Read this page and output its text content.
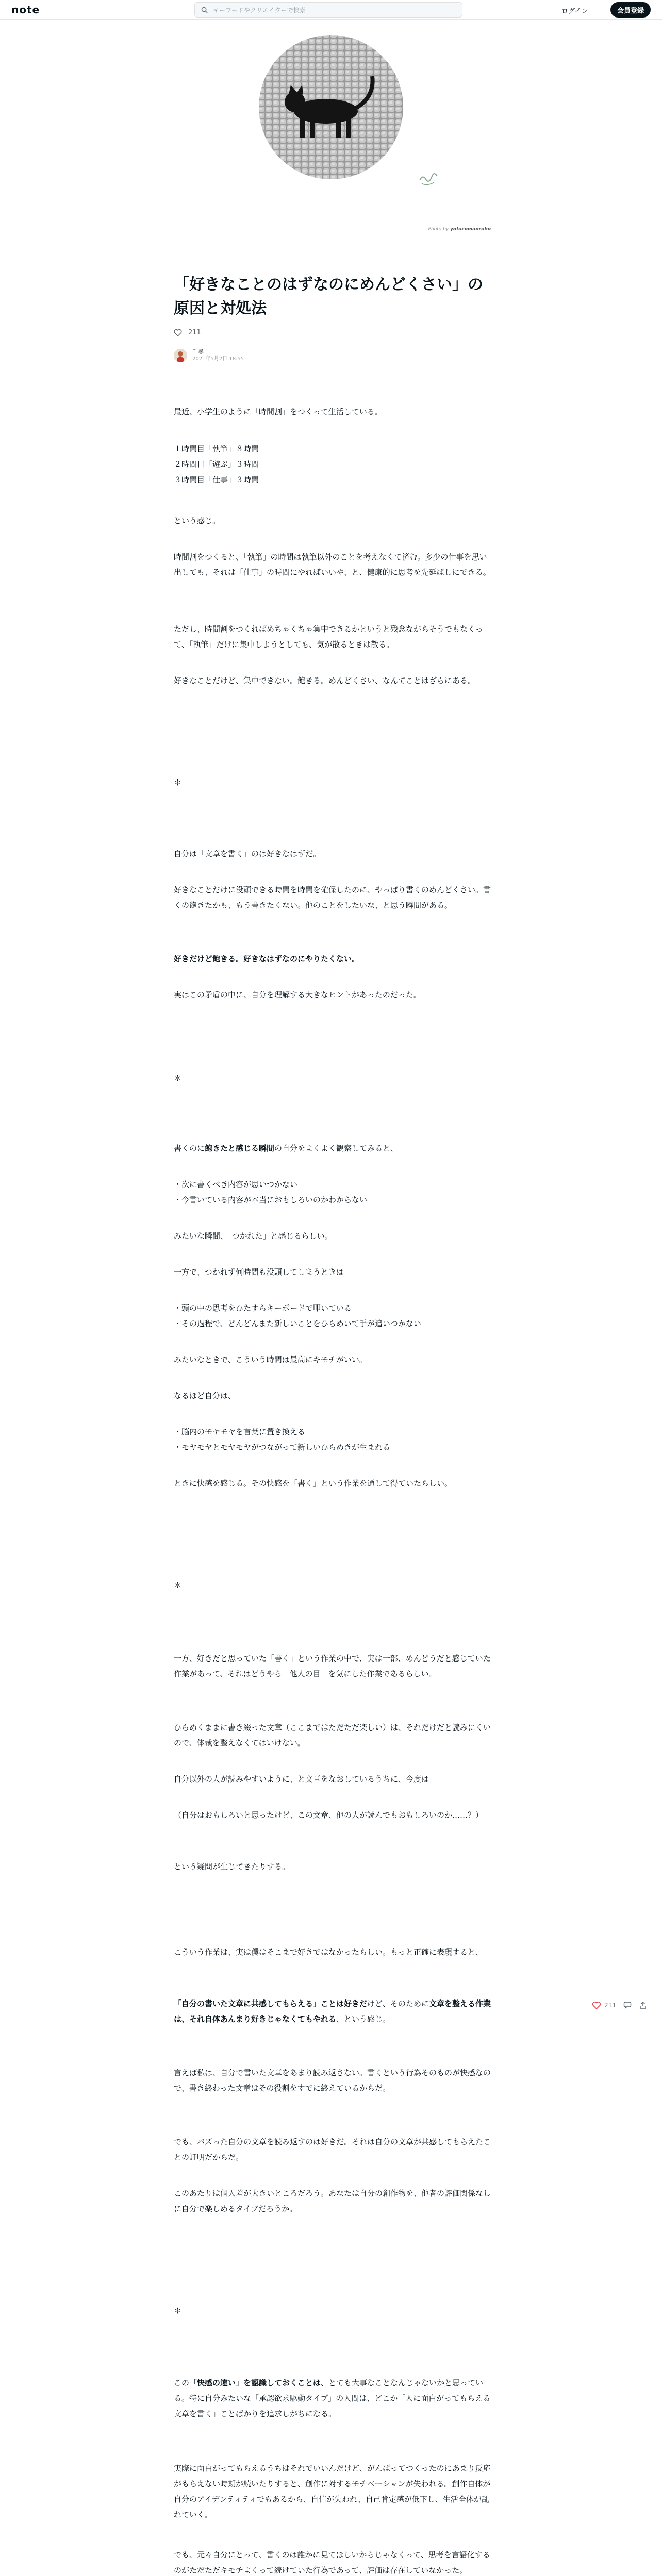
note	キーワードやクリエイターで検索	ログイン	会員登録
Photo by yofucomaoruho
「好きなことのはずなのにめんどくさい」の原因と対処法
211
千尋
2021年5月2日 18:55

最近、小学生のように「時間割」をつくって生活している。

１時間目「執筆」８時間
２時間目「遊ぶ」３時間
３時間目「仕事」３時間

という感じ。

時間割をつくると、「執筆」の時間は執筆以外のことを考えなくて済む。多少の仕事を思い出しても、それは「仕事」の時間にやればいいや、と、健康的に思考を先延ばしにできる。

ただし、時間割をつくればめちゃくちゃ集中できるかというと残念ながらそうでもなくって、「執筆」だけに集中しようとしても、気が散るときは散る。

好きなことだけど、集中できない。飽きる。めんどくさい、なんてことはざらにある。

＊

自分は「文章を書く」のは好きなはずだ。

好きなことだけに没頭できる時間を時間を確保したのに、やっぱり書くのめんどくさい。書くの飽きたかも、もう書きたくない。他のことをしたいな、と思う瞬間がある。

好きだけど飽きる。好きなはずなのにやりたくない。

実はこの矛盾の中に、自分を理解する大きなヒントがあったのだった。

＊

書くのに飽きたと感じる瞬間の自分をよくよく観察してみると、

・次に書くべき内容が思いつかない
・今書いている内容が本当におもしろいのかわからない

みたいな瞬間、「つかれた」と感じるらしい。

一方で、つかれず何時間も没頭してしまうときは

・頭の中の思考をひたすらキーボードで叩いている
・その過程で、どんどんまた新しいことをひらめいて手が追いつかない

みたいなときで、こういう時間は最高にキモチがいい。

なるほど自分は、

・脳内のモヤモヤを言葉に置き換える
・モヤモヤとモヤモヤがつながって新しいひらめきが生まれる

ときに快感を感じる。その快感を「書く」という作業を通して得ていたらしい。

＊

一方、好きだと思っていた「書く」という作業の中で、実は一部、めんどうだと感じていた作業があって、それはどうやら「他人の目」を気にした作業であるらしい。

ひらめくままに書き綴った文章（ここまではただただ楽しい）は、それだけだと読みにくいので、体裁を整えなくてはいけない。

自分以外の人が読みやすいように、と文章をなおしているうちに、今度は

（自分はおもしろいと思ったけど、この文章、他の人が読んでもおもしろいのか……？）

という疑問が生じてきたりする。

こういう作業は、実は僕はそこまで好きではなかったらしい。もっと正確に表現すると、

「自分の書いた文章に共感してもらえる」ことは好きだけど、そのために文章を整える作業は、それ自体あんまり好きじゃなくてもやれる、という感じ。

言えば私は、自分で書いた文章をあまり読み返さない。書くという行為そのものが快感なので、書き終わった文章はその役割をすでに終えているからだ。

でも、バズった自分の文章を読み返すのは好きだ。それは自分の文章が共感してもらえたことの証明だからだ。

このあたりは個人差が大きいところだろう。あなたは自分の創作物を、他者の評価関係なしに自分で楽しめるタイプだろうか。

＊

この「快感の違い」を認識しておくことは、とても大事なことなんじゃないかと思っている。特に自分みたいな「承認欲求駆動タイプ」の人間は、どこか「人に面白がってもらえる文章を書く」ことばかりを追求しがちになる。

実際に面白がってもらえるうちはそれでいいんだけど、がんばってつくったのにあまり反応がもらえない時期が続いたりすると、創作に対するモチベーションが失われる。創作自体が自分のアイデンティティでもあるから、自信が失われ、自己肯定感が低下し、生活全体が乱れていく。

でも、元々自分にとって、書くのは誰かに見てほしいからじゃなくって、思考を言語化するのがただただキモチよくって続けていた行為であって、評価は存在していなかった。

211
